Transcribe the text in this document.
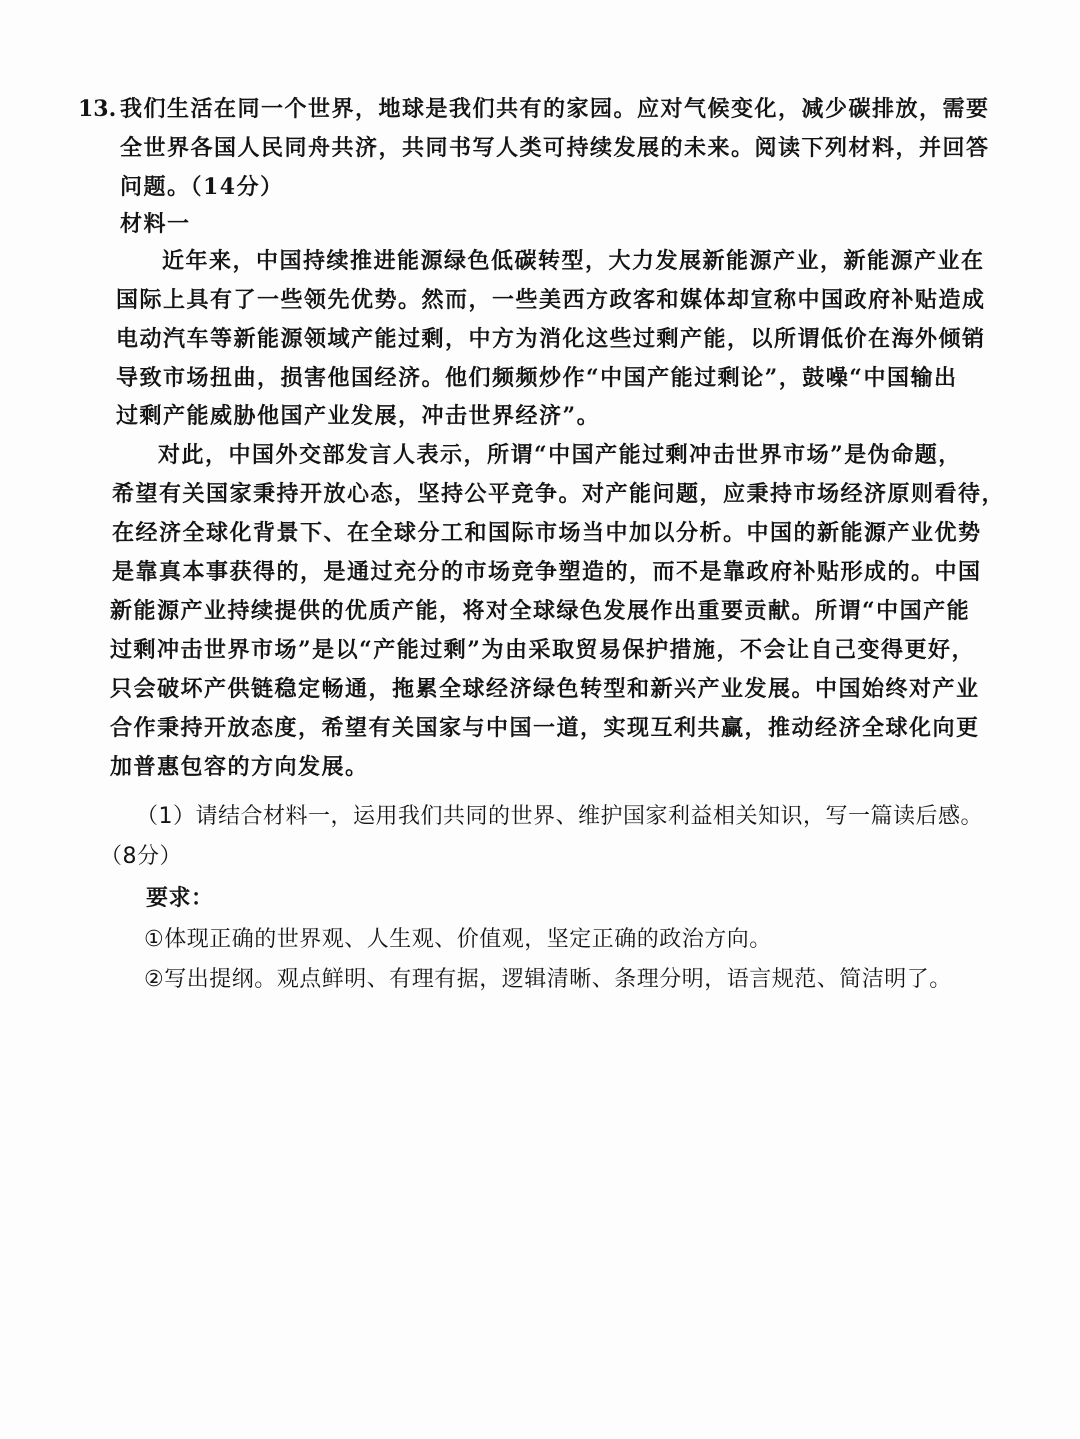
13. 我们生活在同一个世界，地球是我们共有的家园。应对气候变化，减少碳排放，需要
全世界各国人民同舟共济，共同书写人类可持续发展的未来。阅读下列材料，并回答
问题。（14分）
材料一
近年来，中国持续推进能源绿色低碳转型，大力发展新能源产业，新能源产业在
国际上具有了一些领先优势。然而，一些美西方政客和媒体却宣称中国政府补贴造成
电动汽车等新能源领域产能过剩，中方为消化这些过剩产能，以所谓低价在海外倾销
导致市场扭曲，损害他国经济。他们频频炒作“中国产能过剩论”，鼓噪“中国输出
过剩产能威胁他国产业发展，冲击世界经济”。
对此，中国外交部发言人表示，所谓“中国产能过剩冲击世界市场”是伪命题，
希望有关国家秉持开放心态，坚持公平竞争。对产能问题，应秉持市场经济原则看待，
在经济全球化背景下、在全球分工和国际市场当中加以分析。中国的新能源产业优势
是靠真本事获得的，是通过充分的市场竞争塑造的，而不是靠政府补贴形成的。中国
新能源产业持续提供的优质产能，将对全球绿色发展作出重要贡献。所谓“中国产能
过剩冲击世界市场”是以“产能过剩”为由采取贸易保护措施，不会让自己变得更好，
只会破坏产供链稳定畅通，拖累全球经济绿色转型和新兴产业发展。中国始终对产业
合作秉持开放态度，希望有关国家与中国一道，实现互利共赢，推动经济全球化向更
加普惠包容的方向发展。
（1）请结合材料一，运用我们共同的世界、维护国家利益相关知识，写一篇读后感。
（8分）
要求：
①体现正确的世界观、人生观、价值观，坚定正确的政治方向。
②写出提纲。观点鲜明、有理有据，逻辑清晰、条理分明，语言规范、简洁明了。
